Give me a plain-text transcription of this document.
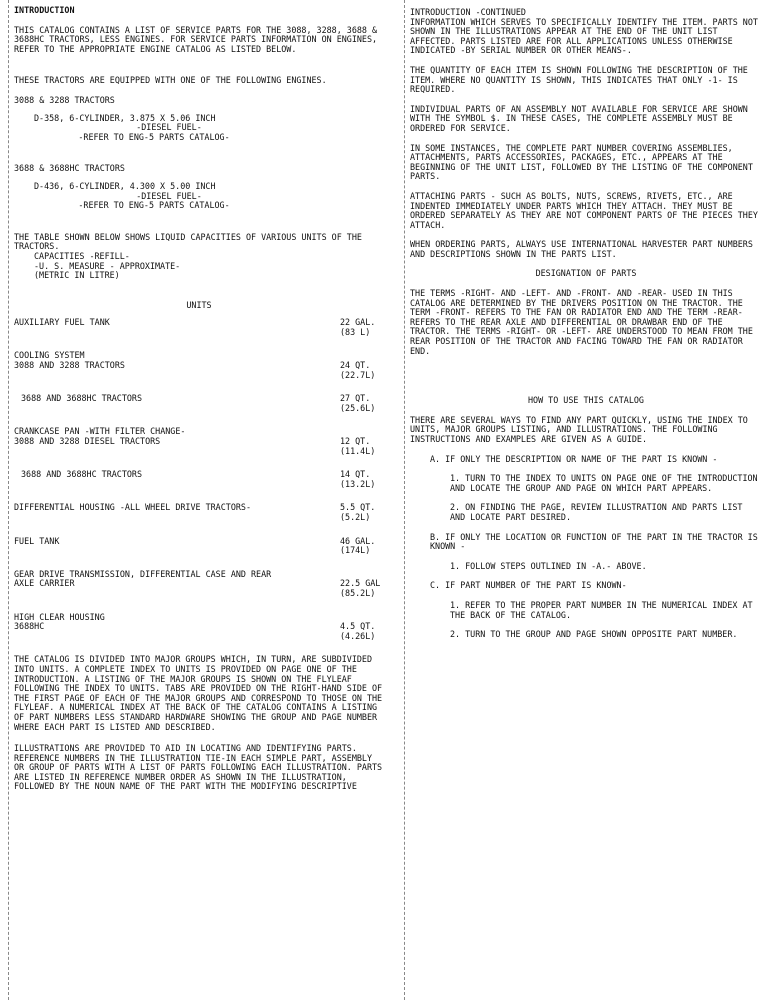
INTRODUCTION
THIS CATALOG CONTAINS A LIST OF SERVICE PARTS FOR THE 3088, 3288, 3688 & 3688HC TRACTORS, LESS ENGINES. FOR SERVICE PARTS INFORMATION ON ENGINES, REFER TO THE APPROPRIATE ENGINE CATALOG AS LISTED BELOW.
THESE TRACTORS ARE EQUIPPED WITH ONE OF THE FOLLOWING ENGINES.
3088 & 3288 TRACTORS
D-358, 6-CYLINDER, 3.875 X 5.06 INCH
-DIESEL FUEL-
-REFER TO ENG-5 PARTS CATALOG-
3688 & 3688HC TRACTORS
D-436, 6-CYLINDER, 4.300 X 5.00 INCH
-DIESEL FUEL-
-REFER TO ENG-5 PARTS CATALOG-
THE TABLE SHOWN BELOW SHOWS LIQUID CAPACITIES OF VARIOUS UNITS OF THE TRACTORS.
CAPACITIES -REFILL-
-U. S. MEASURE - APPROXIMATE-
(METRIC IN LITRE)
UNITS
AUXILIARY FUEL TANK	22 GAL.
(83 L)
COOLING SYSTEM
3088 AND 3288 TRACTORS	24 QT.
(22.7L)
3688 AND 3688HC TRACTORS	27 QT.
(25.6L)
CRANKCASE PAN -WITH FILTER CHANGE-
3088 AND 3288 DIESEL TRACTORS	12 QT.
(11.4L)
3688 AND 3688HC TRACTORS	14 QT.
(13.2L)
DIFFERENTIAL HOUSING -ALL WHEEL DRIVE TRACTORS-	5.5 QT.
(5.2L)
FUEL TANK	46 GAL.
(174L)
GEAR DRIVE TRANSMISSION, DIFFERENTIAL CASE AND REAR
AXLE CARRIER	22.5 GAL
(85.2L)
HIGH CLEAR HOUSING
3688HC	4.5 QT.
(4.26L)
THE CATALOG IS DIVIDED INTO MAJOR GROUPS WHICH, IN TURN, ARE SUBDIVIDED INTO UNITS. A COMPLETE INDEX TO UNITS IS PROVIDED ON PAGE ONE OF THE INTRODUCTION. A LISTING OF THE MAJOR GROUPS IS SHOWN ON THE FLYLEAF FOLLOWING THE INDEX TO UNITS. TABS ARE PROVIDED ON THE RIGHT-HAND SIDE OF THE FIRST PAGE OF EACH OF THE MAJOR GROUPS AND CORRESPOND TO THOSE ON THE FLYLEAF. A NUMERICAL INDEX AT THE BACK OF THE CATALOG CONTAINS A LISTING OF PART NUMBERS LESS STANDARD HARDWARE SHOWING THE GROUP AND PAGE NUMBER WHERE EACH PART IS LISTED AND DESCRIBED.
ILLUSTRATIONS ARE PROVIDED TO AID IN LOCATING AND IDENTIFYING PARTS. REFERENCE NUMBERS IN THE ILLUSTRATION TIE-IN EACH SIMPLE PART, ASSEMBLY OR GROUP OF PARTS WITH A LIST OF PARTS FOLLOWING EACH ILLUSTRATION. PARTS ARE LISTED IN REFERENCE NUMBER ORDER AS SHOWN IN THE ILLUSTRATION, FOLLOWED BY THE NOUN NAME OF THE PART WITH THE MODIFYING DESCRIPTIVE
INTRODUCTION -CONTINUED
INFORMATION WHICH SERVES TO SPECIFICALLY IDENTIFY THE ITEM. PARTS NOT SHOWN IN THE ILLUSTRATIONS APPEAR AT THE END OF THE UNIT LIST AFFECTED. PARTS LISTED ARE FOR ALL APPLICATIONS UNLESS OTHERWISE INDICATED -BY SERIAL NUMBER OR OTHER MEANS-.
THE QUANTITY OF EACH ITEM IS SHOWN FOLLOWING THE DESCRIPTION OF THE ITEM. WHERE NO QUANTITY IS SHOWN, THIS INDICATES THAT ONLY -1- IS REQUIRED.
INDIVIDUAL PARTS OF AN ASSEMBLY NOT AVAILABLE FOR SERVICE ARE SHOWN WITH THE SYMBOL $. IN THESE CASES, THE COMPLETE ASSEMBLY MUST BE ORDERED FOR SERVICE.
IN SOME INSTANCES, THE COMPLETE PART NUMBER COVERING ASSEMBLIES, ATTACHMENTS, PARTS ACCESSORIES, PACKAGES, ETC., APPEARS AT THE BEGINNING OF THE UNIT LIST, FOLLOWED BY THE LISTING OF THE COMPONENT PARTS.
ATTACHING PARTS - SUCH AS BOLTS, NUTS, SCREWS, RIVETS, ETC., ARE INDENTED IMMEDIATELY UNDER PARTS WHICH THEY ATTACH. THEY MUST BE ORDERED SEPARATELY AS THEY ARE NOT COMPONENT PARTS OF THE PIECES THEY ATTACH.
WHEN ORDERING PARTS, ALWAYS USE INTERNATIONAL HARVESTER PART NUMBERS AND DESCRIPTIONS SHOWN IN THE PARTS LIST.
DESIGNATION OF PARTS
THE TERMS -RIGHT- AND -LEFT- AND -FRONT- AND -REAR- USED IN THIS CATALOG ARE DETERMINED BY THE DRIVERS POSITION ON THE TRACTOR. THE TERM -FRONT- REFERS TO THE FAN OR RADIATOR END AND THE TERM -REAR- REFERS TO THE REAR AXLE AND DIFFERENTIAL OR DRAWBAR END OF THE TRACTOR. THE TERMS -RIGHT- OR -LEFT- ARE UNDERSTOOD TO MEAN FROM THE REAR POSITION OF THE TRACTOR AND FACING TOWARD THE FAN OR RADIATOR END.
HOW TO USE THIS CATALOG
THERE ARE SEVERAL WAYS TO FIND ANY PART QUICKLY, USING THE INDEX TO UNITS, MAJOR GROUPS LISTING, AND ILLUSTRATIONS. THE FOLLOWING INSTRUCTIONS AND EXAMPLES ARE GIVEN AS A GUIDE.
A. IF ONLY THE DESCRIPTION OR NAME OF THE PART IS KNOWN -
1. TURN TO THE INDEX TO UNITS ON PAGE ONE OF THE INTRODUCTION AND LOCATE THE GROUP AND PAGE ON WHICH PART APPEARS.
2. ON FINDING THE PAGE, REVIEW ILLUSTRATION AND PARTS LIST AND LOCATE PART DESIRED.
B. IF ONLY THE LOCATION OR FUNCTION OF THE PART IN THE TRACTOR IS KNOWN -
1. FOLLOW STEPS OUTLINED IN -A.- ABOVE.
C. IF PART NUMBER OF THE PART IS KNOWN-
1. REFER TO THE PROPER PART NUMBER IN THE NUMERICAL INDEX AT THE BACK OF THE CATALOG.
2. TURN TO THE GROUP AND PAGE SHOWN OPPOSITE PART NUMBER.
